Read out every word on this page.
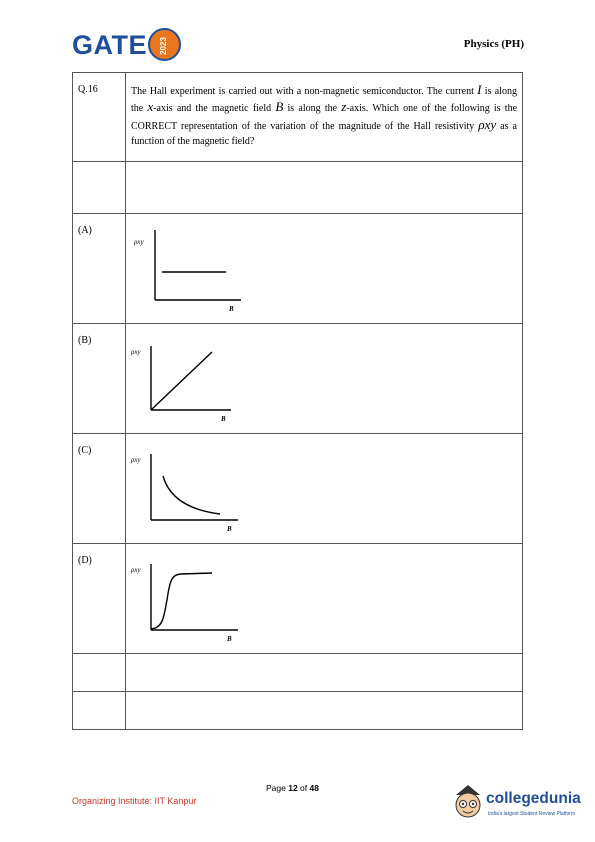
GATE	2023	Physics (PH)
Q.16	The Hall experiment is carried out with a non-magnetic semiconductor. The current I is along the x-axis and the magnetic field B is along the z-axis. Which one of the following is the CORRECT representation of the variation of the magnitude of the Hall resistivity ρxy as a function of the magnetic field?

(A)	ρxy
B

(B)	ρxy
B

(C)	ρxy
B

(D)	ρxy
B

Page 12 of 48
Organizing Institute: IIT Kanpur	collegedunia
India's largest Student Review Platform
